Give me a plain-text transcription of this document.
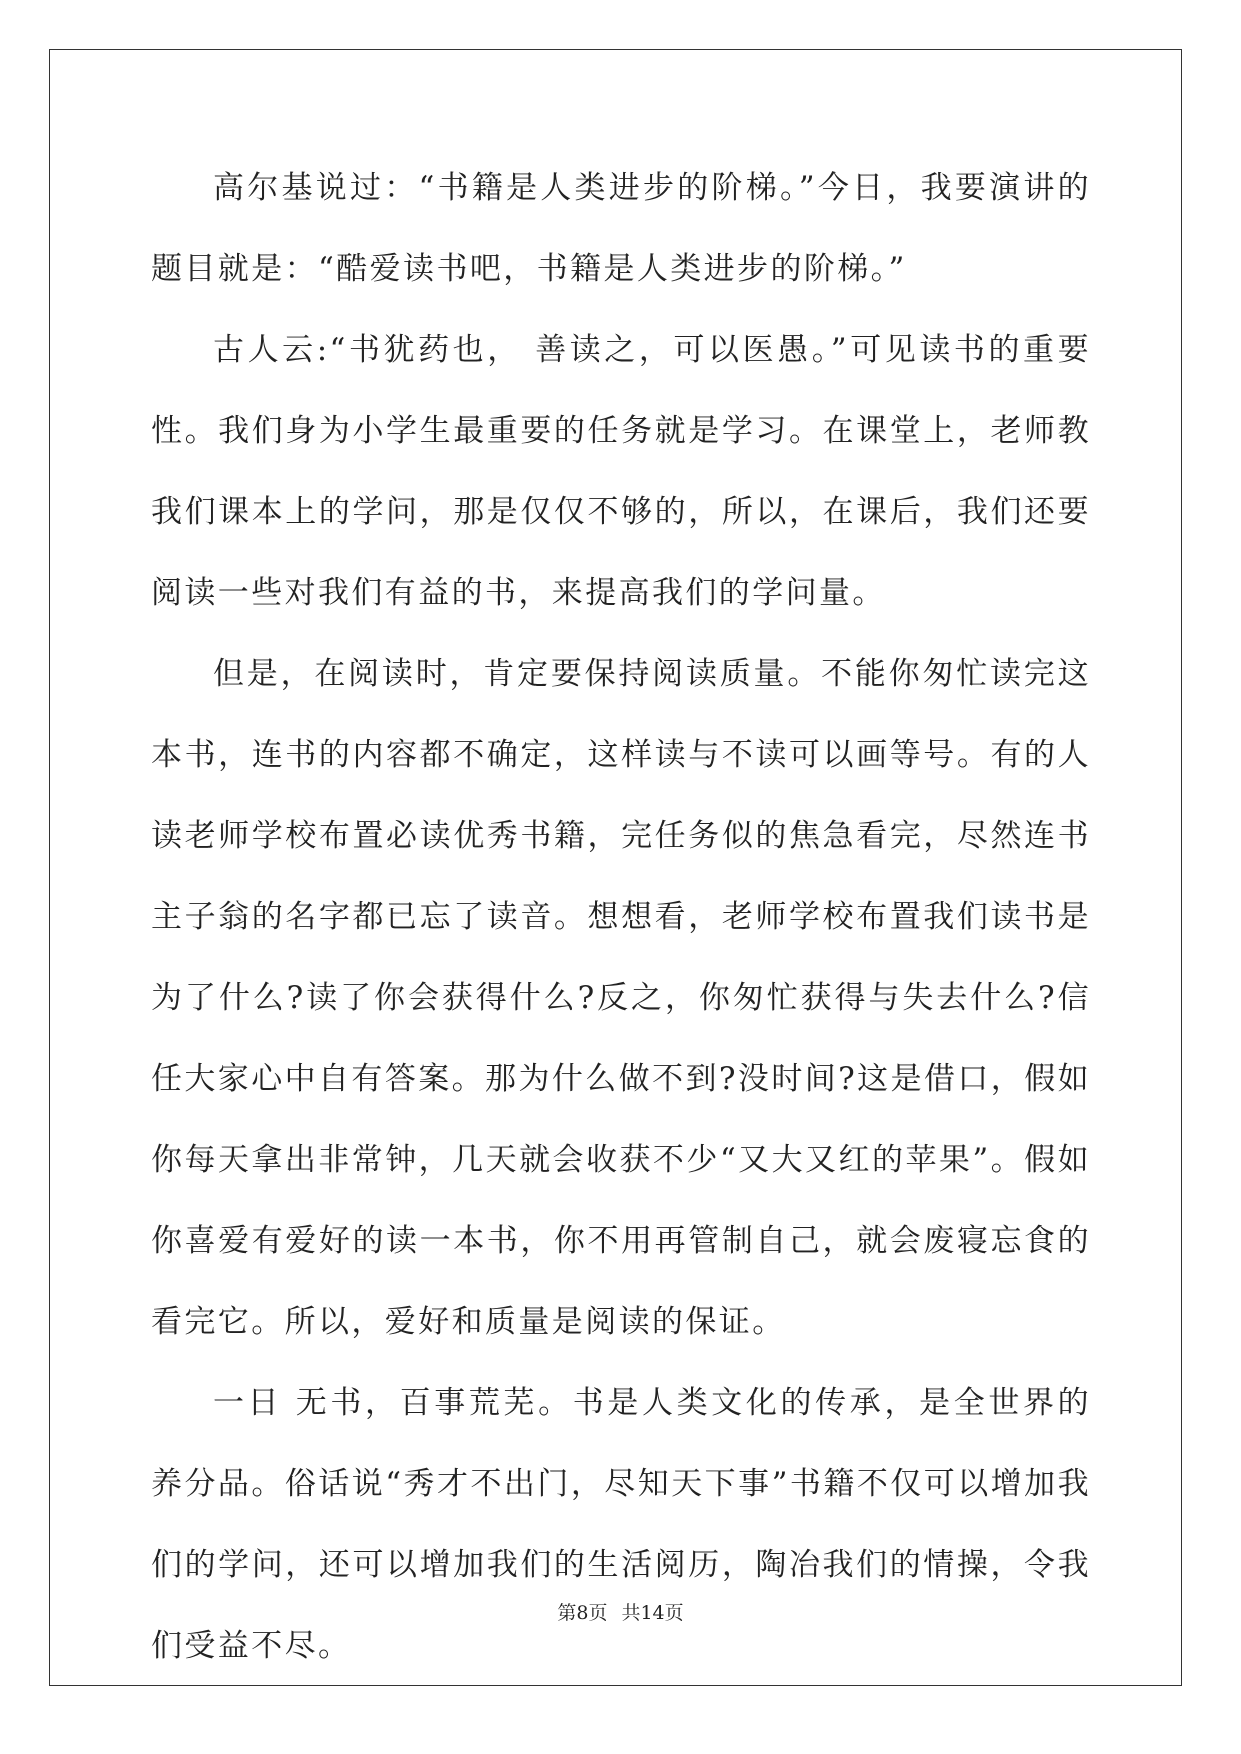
高尔基说过：“书籍是人类进步的阶梯。”今日，我要演讲的题目就是：“酷爱读书吧，书籍是人类进步的阶梯。”

古人云:“书犹药也， 善读之，可以医愚。”可见读书的重要性。我们身为小学生最重要的任务就是学习。在课堂上，老师教我们课本上的学问，那是仅仅不够的，所以，在课后，我们还要阅读一些对我们有益的书，来提高我们的学问量。

但是，在阅读时，肯定要保持阅读质量。不能你匆忙读完这本书，连书的内容都不确定，这样读与不读可以画等号。有的人读老师学校布置必读优秀书籍，完任务似的焦急看完，尽然连书主子翁的名字都已忘了读音。想想看，老师学校布置我们读书是为了什么?读了你会获得什么?反之，你匆忙获得与失去什么?信任大家心中自有答案。那为什么做不到?没时间?这是借口，假如你每天拿出非常钟，几天就会收获不少“又大又红的苹果”。假如你喜爱有爱好的读一本书，你不用再管制自己，就会废寝忘食的看完它。所以，爱好和质量是阅读的保证。

一日 无书，百事荒芜。书是人类文化的传承，是全世界的养分品。俗话说“秀才不出门，尽知天下事”书籍不仅可以增加我们的学问，还可以增加我们的生活阅历，陶冶我们的情操，令我们受益不尽。

第8页 共14页
